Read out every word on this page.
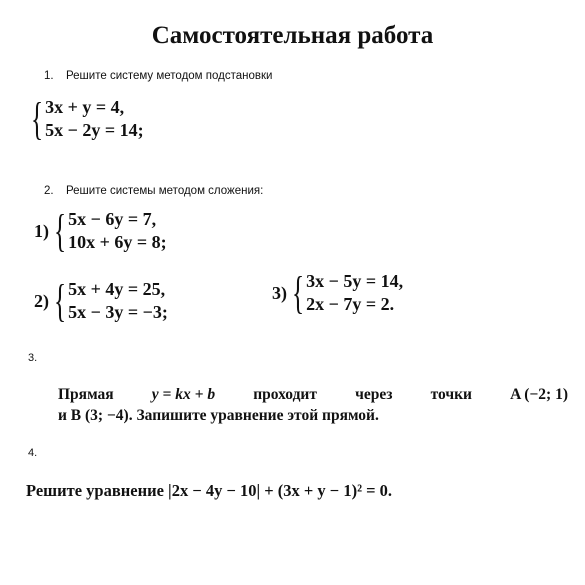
Самостоятельная работа
1. Решите систему методом подстановки
{ 3x + y = 4,
5x − 2y = 14;
2. Решите системы методом сложения:
1) { 5x − 6y = 7,
10x + 6y = 8;
2) { 5x + 4y = 25,
5x − 3y = −3;
3) { 3x − 5y = 14,
2x − 7y = 2.
3.
Прямая y = kx + b проходит через точки A (−2; 1)
и B (3; −4). Запишите уравнение этой прямой.
4.
Решите уравнение |2x − 4y − 10| + (3x + y − 1)² = 0.
